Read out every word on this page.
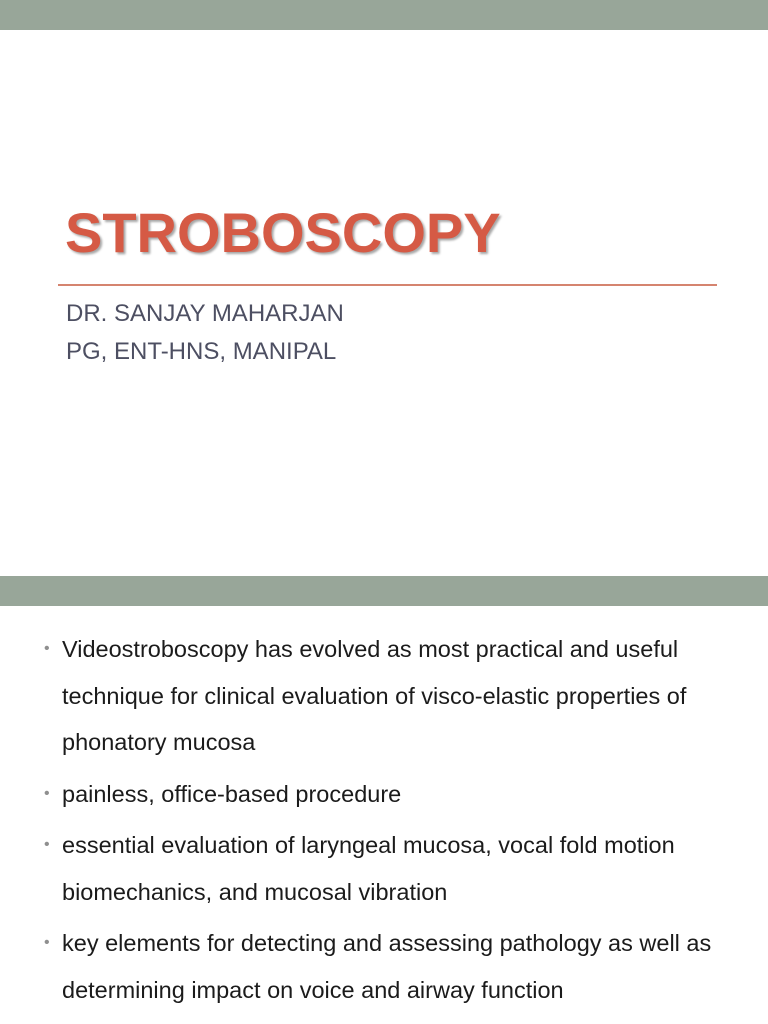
STROBOSCOPY
DR. SANJAY MAHARJAN
PG, ENT-HNS, MANIPAL
• Videostroboscopy has evolved as most practical and useful technique for clinical evaluation of visco-elastic properties of phonatory mucosa
• painless, office-based procedure
• essential evaluation of laryngeal mucosa, vocal fold motion biomechanics, and mucosal vibration
• key elements for detecting and assessing pathology as well as determining impact on voice and airway function
